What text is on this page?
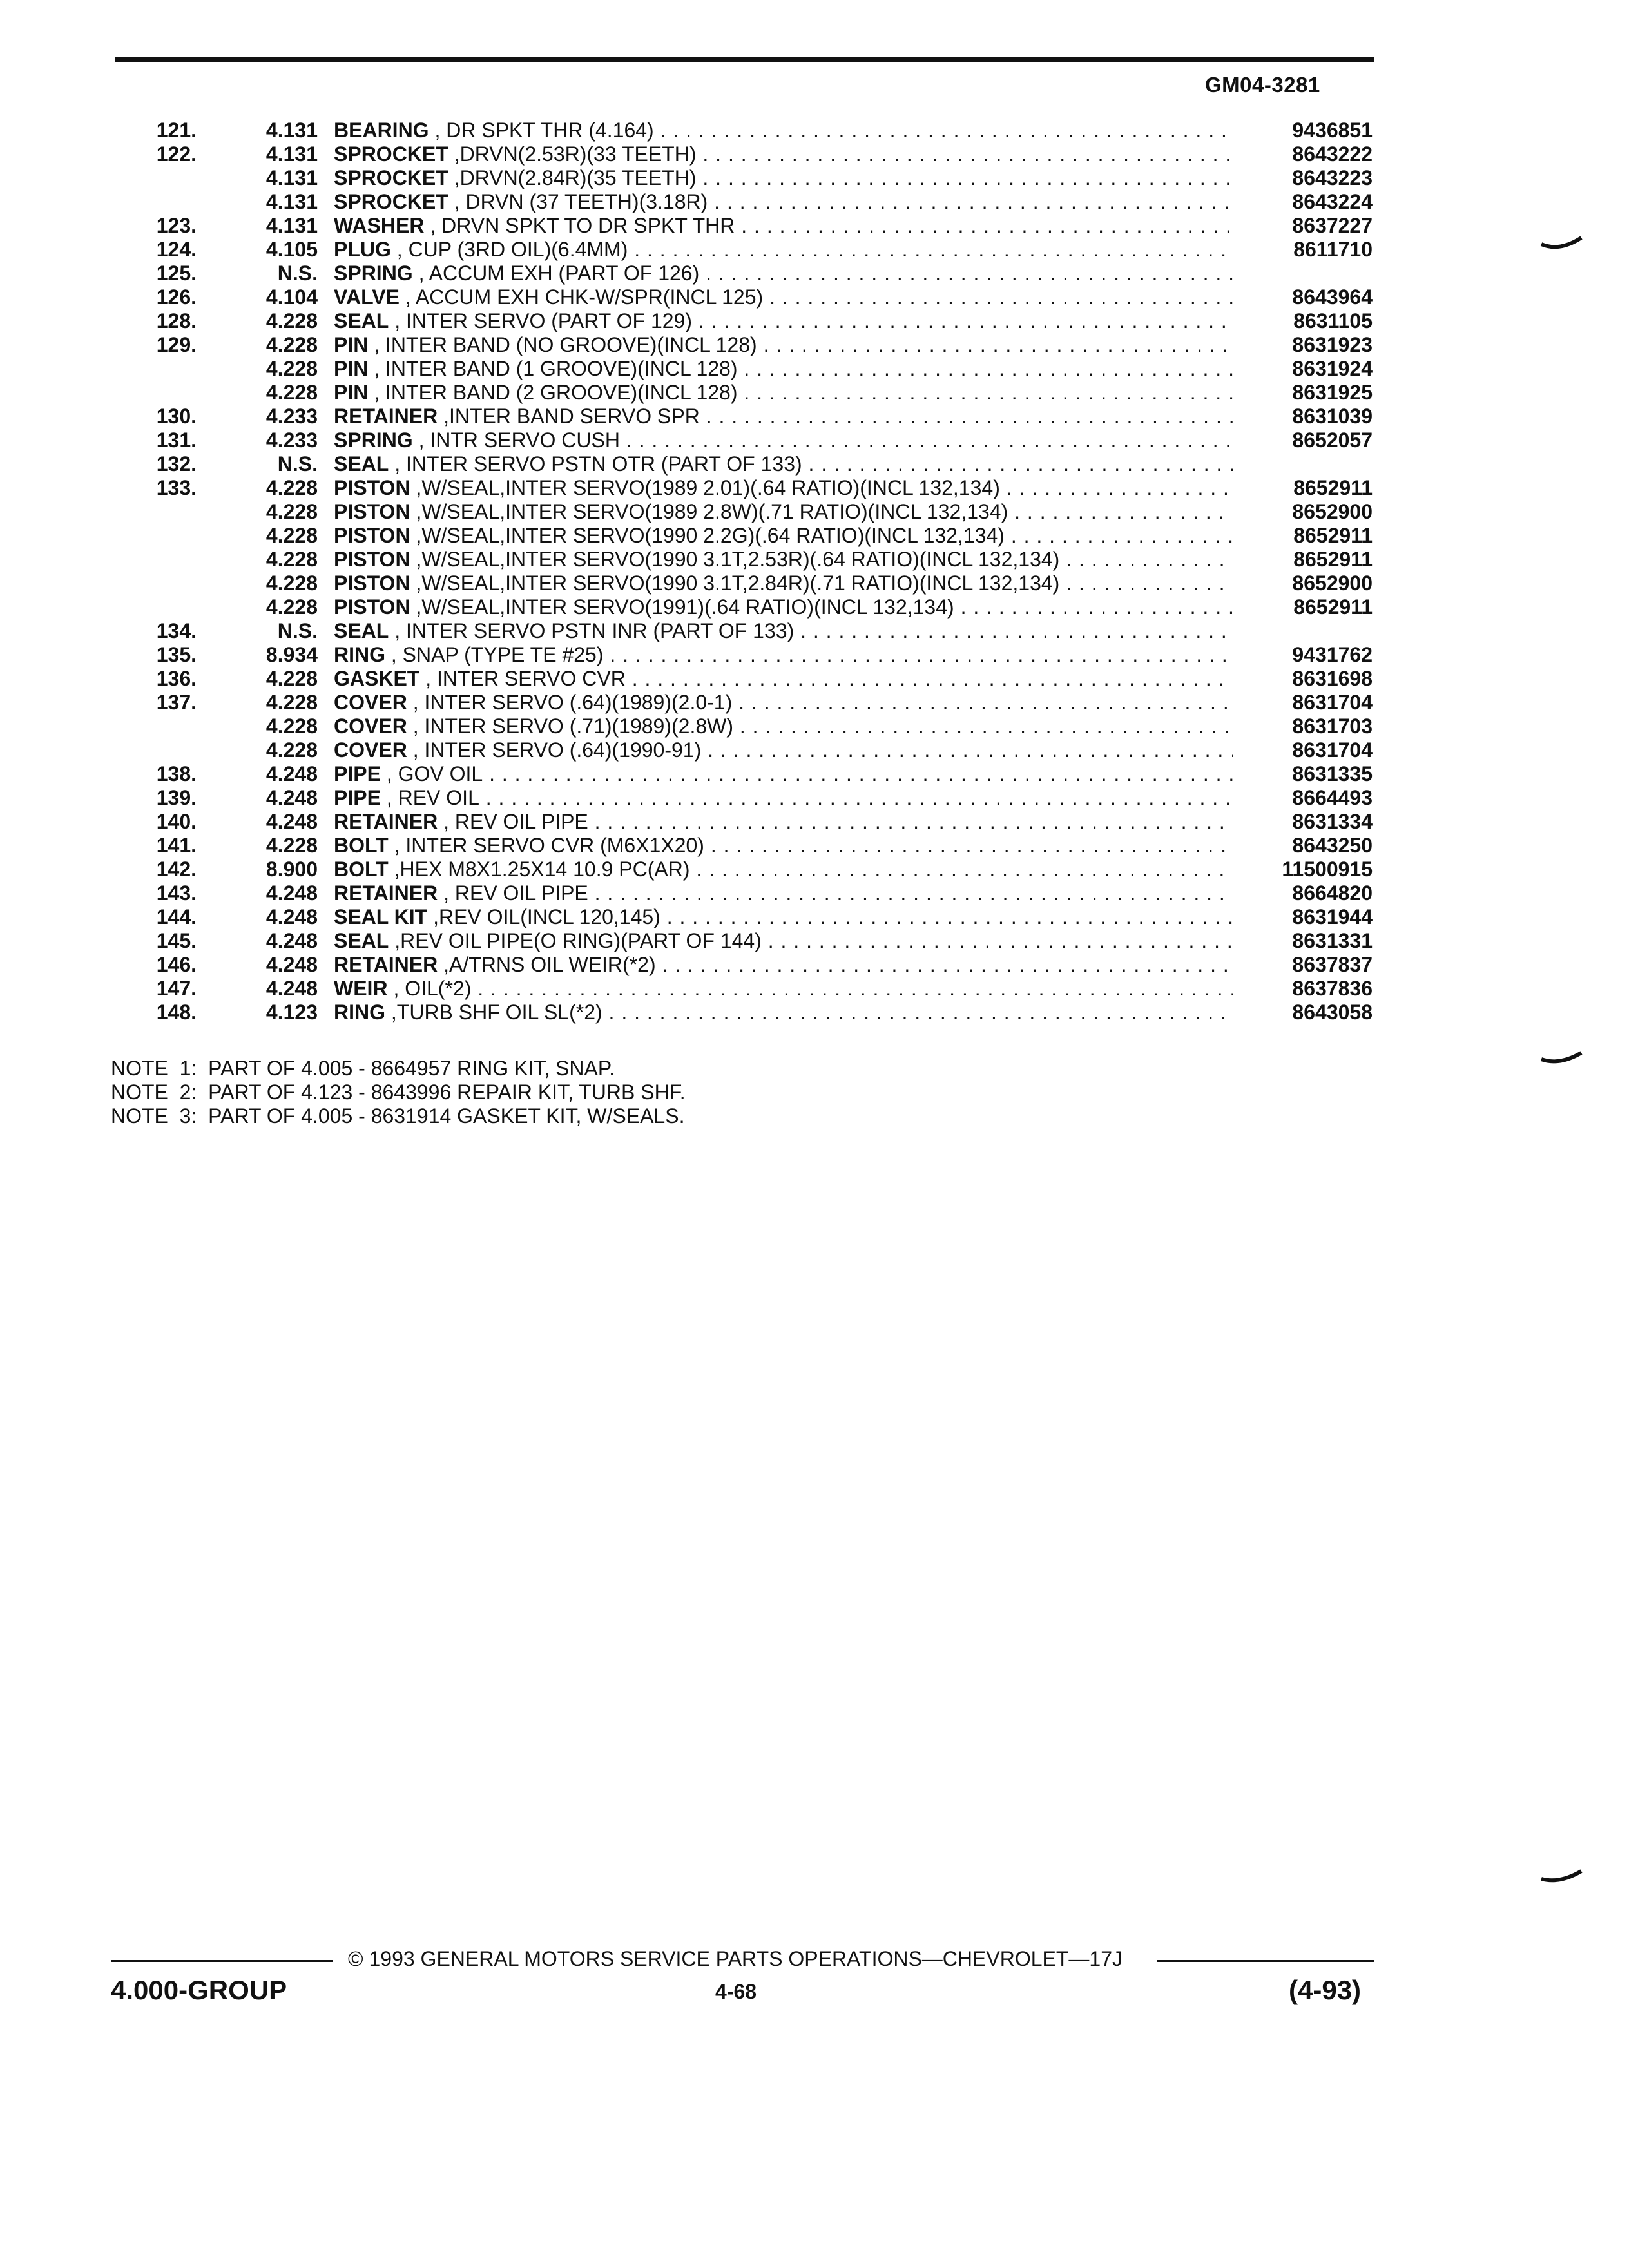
GM04-3281
121.	4.131 BEARING , DR SPKT THR (4.164) . . .	9436851
122.	4.131 SPROCKET ,DRVN(2.53R)(33 TEETH) . . .	8643222
4.131 SPROCKET ,DRVN(2.84R)(35 TEETH) . . .	8643223
4.131 SPROCKET , DRVN (37 TEETH)(3.18R) . . .	8643224
123.	4.131 WASHER , DRVN SPKT TO DR SPKT THR . . .	8637227
124.	4.105 PLUG , CUP (3RD OIL)(6.4MM) . . .	8611710
125.	N.S. SPRING , ACCUM EXH (PART OF 126) . . .
126.	4.104 VALVE , ACCUM EXH CHK-W/SPR(INCL 125) . . .	8643964
128.	4.228 SEAL , INTER SERVO (PART OF 129) . . .	8631105
129.	4.228 PIN , INTER BAND (NO GROOVE)(INCL 128) . . .	8631923
4.228 PIN , INTER BAND (1 GROOVE)(INCL 128) . . .	8631924
4.228 PIN , INTER BAND (2 GROOVE)(INCL 128) . . .	8631925
130.	4.233 RETAINER ,INTER BAND SERVO SPR . . .	8631039
131.	4.233 SPRING , INTR SERVO CUSH . . .	8652057
132.	N.S. SEAL , INTER SERVO PSTN OTR (PART OF 133) . . .
133.	4.228 PISTON ,W/SEAL,INTER SERVO(1989 2.01)(.64 RATIO)(INCL 132,134) . . .	8652911
4.228 PISTON ,W/SEAL,INTER SERVO(1989 2.8W)(.71 RATIO)(INCL 132,134) . . .	8652900
4.228 PISTON ,W/SEAL,INTER SERVO(1990 2.2G)(.64 RATIO)(INCL 132,134) . . .	8652911
4.228 PISTON ,W/SEAL,INTER SERVO(1990 3.1T,2.53R)(.64 RATIO)(INCL 132,134) . . .	8652911
4.228 PISTON ,W/SEAL,INTER SERVO(1990 3.1T,2.84R)(.71 RATIO)(INCL 132,134) . . .	8652900
4.228 PISTON ,W/SEAL,INTER SERVO(1991)(.64 RATIO)(INCL 132,134) . . .	8652911
134.	N.S. SEAL , INTER SERVO PSTN INR (PART OF 133) . . .
135.	8.934 RING , SNAP (TYPE TE #25) . . .	9431762
136.	4.228 GASKET , INTER SERVO CVR . . .	8631698
137.	4.228 COVER , INTER SERVO (.64)(1989)(2.0-1) . . .	8631704
4.228 COVER , INTER SERVO (.71)(1989)(2.8W) . . .	8631703
4.228 COVER , INTER SERVO (.64)(1990-91) . . .	8631704
138.	4.248 PIPE , GOV OIL . . .	8631335
139.	4.248 PIPE , REV OIL . . .	8664493
140.	4.248 RETAINER , REV OIL PIPE . . .	8631334
141.	4.228 BOLT , INTER SERVO CVR (M6X1X20) . . .	8643250
142.	8.900 BOLT ,HEX M8X1.25X14 10.9 PC(AR) . . .	11500915
143.	4.248 RETAINER , REV OIL PIPE . . .	8664820
144.	4.248 SEAL KIT ,REV OIL(INCL 120,145) . . .	8631944
145.	4.248 SEAL ,REV OIL PIPE(O RING)(PART OF 144) . . .	8631331
146.	4.248 RETAINER ,A/TRNS OIL WEIR(*2) . . .	8637837
147.	4.248 WEIR , OIL(*2) . . .	8637836
148.	4.123 RING ,TURB SHF OIL SL(*2) . . .	8643058
NOTE  1:  PART OF 4.005 - 8664957 RING KIT, SNAP.
NOTE  2:  PART OF 4.123 - 8643996 REPAIR KIT, TURB SHF.
NOTE  3:  PART OF 4.005 - 8631914 GASKET KIT, W/SEALS.
© 1993 GENERAL MOTORS SERVICE PARTS OPERATIONS—CHEVROLET—17J
4.000-GROUP	4-68	(4-93)
